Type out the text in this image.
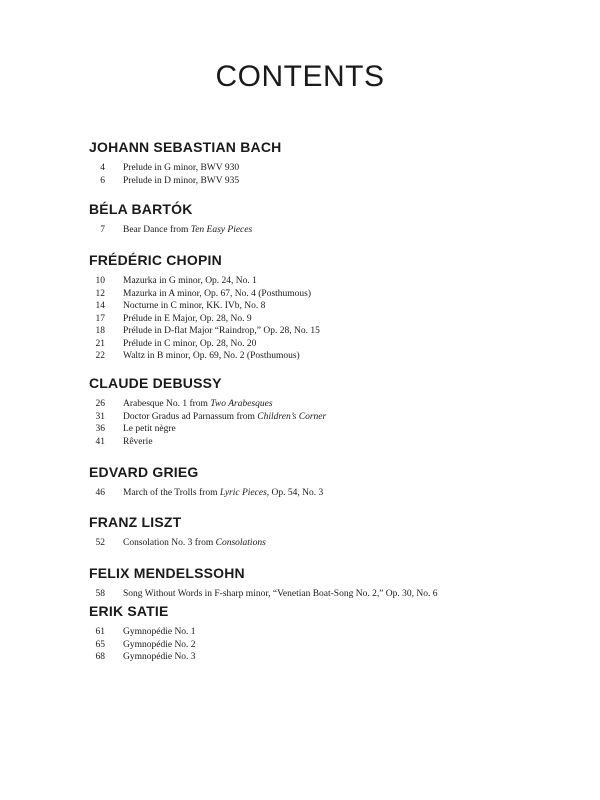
CONTENTS
JOHANN SEBASTIAN BACH
4 Prelude in G minor, BWV 930
6 Prelude in D minor, BWV 935
BÉLA BARTÓK
7 Bear Dance from Ten Easy Pieces
FRÉDÉRIC CHOPIN
10 Mazurka in G minor, Op. 24, No. 1
12 Mazurka in A minor, Op. 67, No. 4 (Posthumous)
14 Nocturne in C minor, KK. IVb, No. 8
17 Prélude in E Major, Op. 28, No. 9
18 Prélude in D-flat Major “Raindrop,” Op. 28, No. 15
21 Prélude in C minor, Op. 28, No. 20
22 Waltz in B minor, Op. 69, No. 2 (Posthumous)
CLAUDE DEBUSSY
26 Arabesque No. 1 from Two Arabesques
31 Doctor Gradus ad Parnassum from Children’s Corner
36 Le petit nègre
41 Rêverie
EDVARD GRIEG
46 March of the Trolls from Lyric Pieces, Op. 54, No. 3
FRANZ LISZT
52 Consolation No. 3 from Consolations
FELIX MENDELSSOHN
58 Song Without Words in F-sharp minor, “Venetian Boat-Song No. 2,” Op. 30, No. 6
ERIK SATIE
61 Gymnopédie No. 1
65 Gymnopédie No. 2
68 Gymnopédie No. 3
